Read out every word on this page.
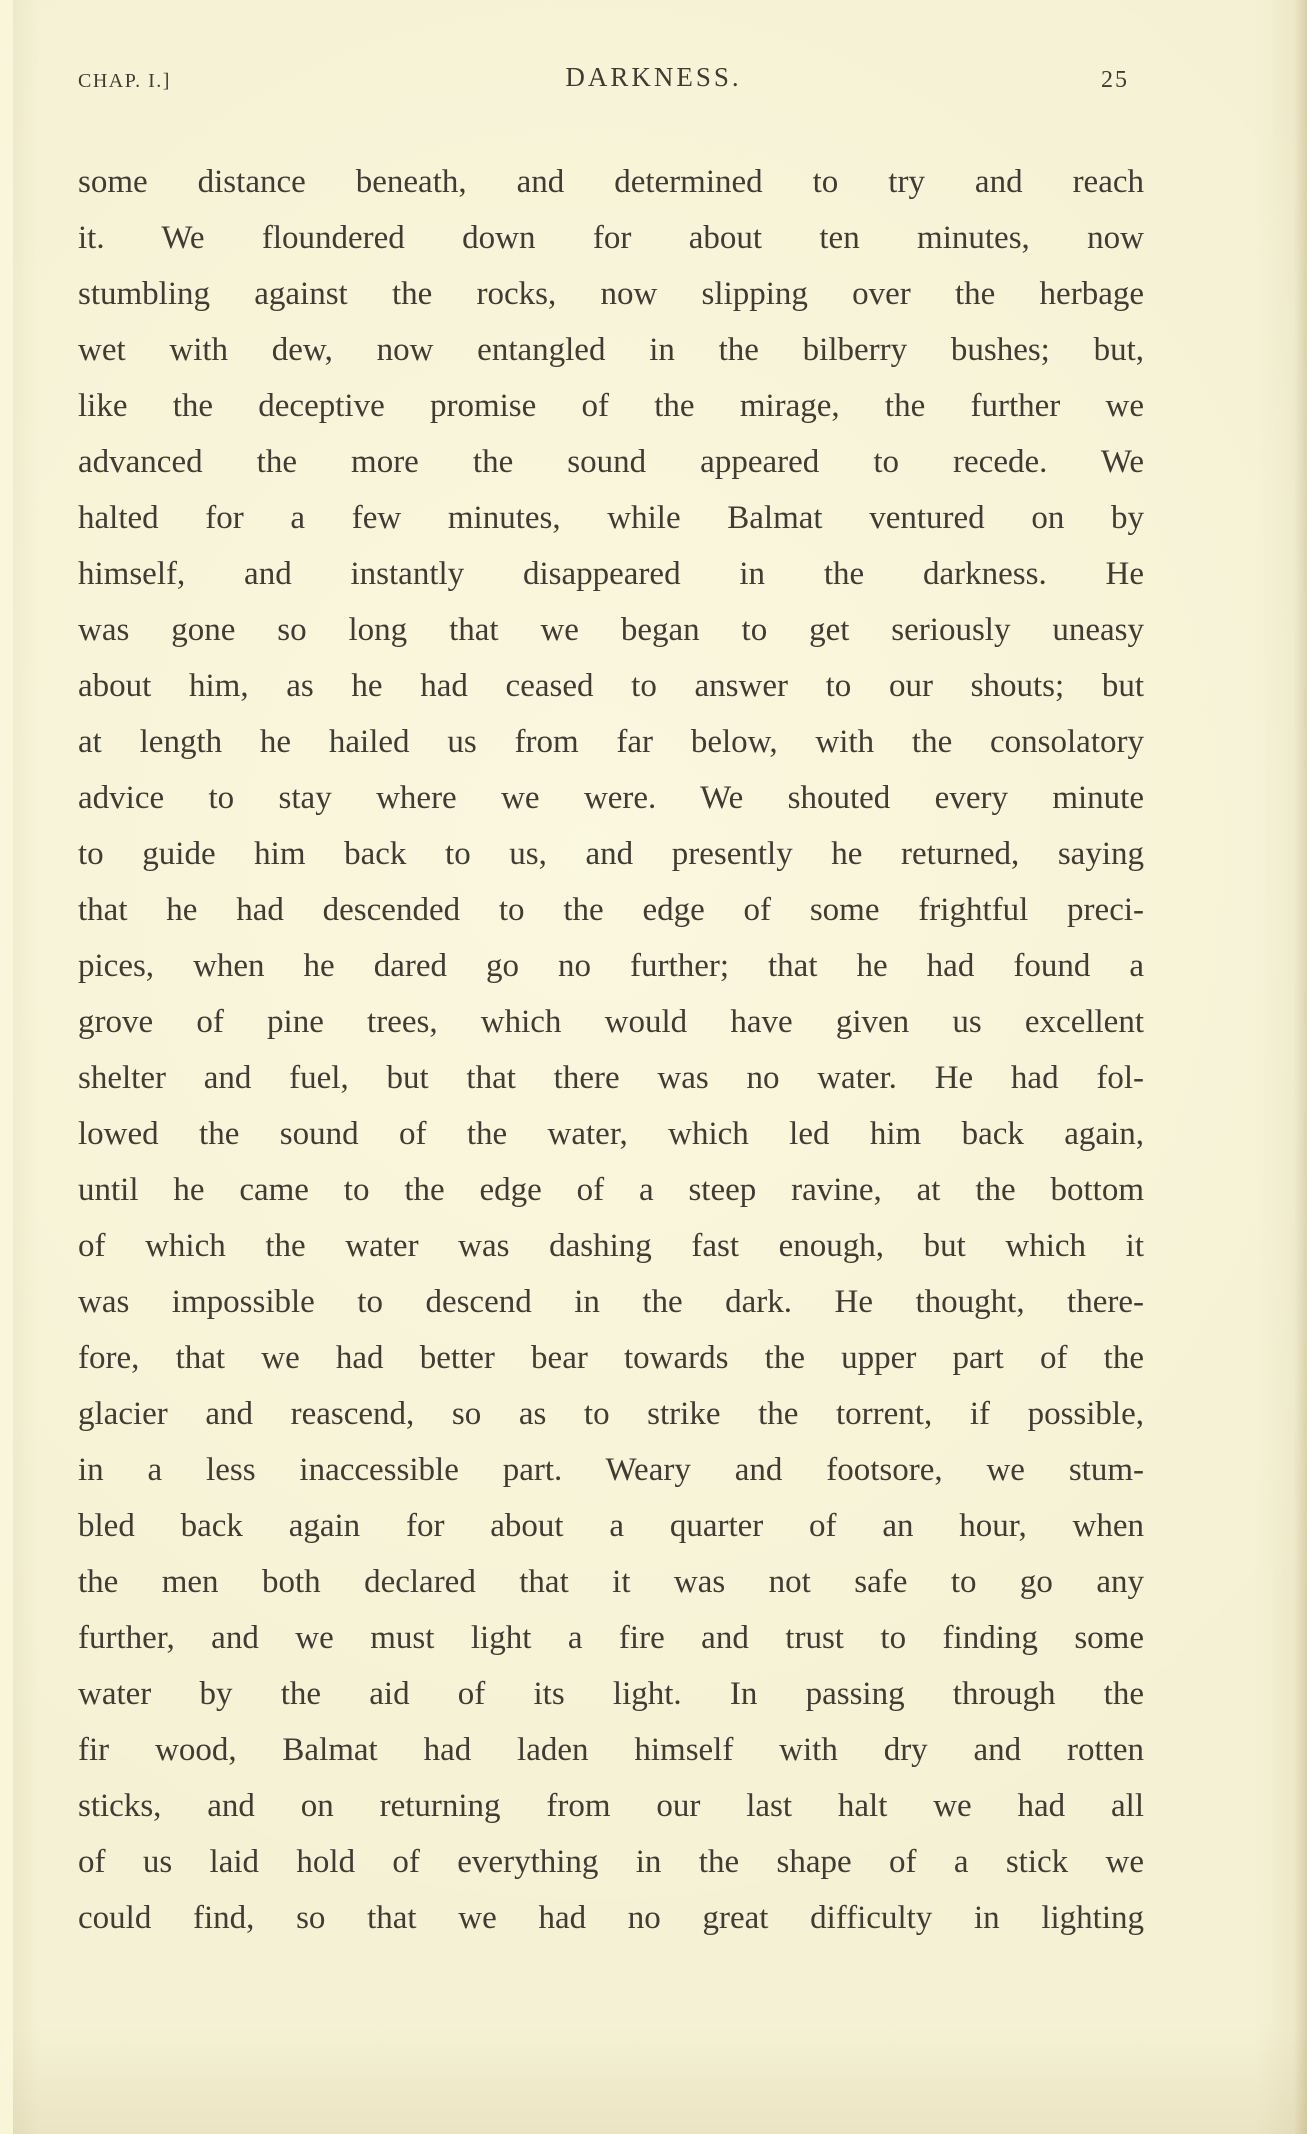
CHAP. I.]	DARKNESS.	25
some distance beneath, and determined to try and reach
it. We floundered down for about ten minutes, now
stumbling against the rocks, now slipping over the herbage
wet with dew, now entangled in the bilberry bushes; but,
like the deceptive promise of the mirage, the further we
advanced the more the sound appeared to recede. We
halted for a few minutes, while Balmat ventured on by
himself, and instantly disappeared in the darkness. He
was gone so long that we began to get seriously uneasy
about him, as he had ceased to answer to our shouts; but
at length he hailed us from far below, with the consolatory
advice to stay where we were. We shouted every minute
to guide him back to us, and presently he returned, saying
that he had descended to the edge of some frightful preci-
pices, when he dared go no further; that he had found a
grove of pine trees, which would have given us excellent
shelter and fuel, but that there was no water. He had fol-
lowed the sound of the water, which led him back again,
until he came to the edge of a steep ravine, at the bottom
of which the water was dashing fast enough, but which it
was impossible to descend in the dark. He thought, there-
fore, that we had better bear towards the upper part of the
glacier and reascend, so as to strike the torrent, if possible,
in a less inaccessible part. Weary and footsore, we stum-
bled back again for about a quarter of an hour, when
the men both declared that it was not safe to go any
further, and we must light a fire and trust to finding some
water by the aid of its light. In passing through the
fir wood, Balmat had laden himself with dry and rotten
sticks, and on returning from our last halt we had all
of us laid hold of everything in the shape of a stick we
could find, so that we had no great difficulty in lighting
